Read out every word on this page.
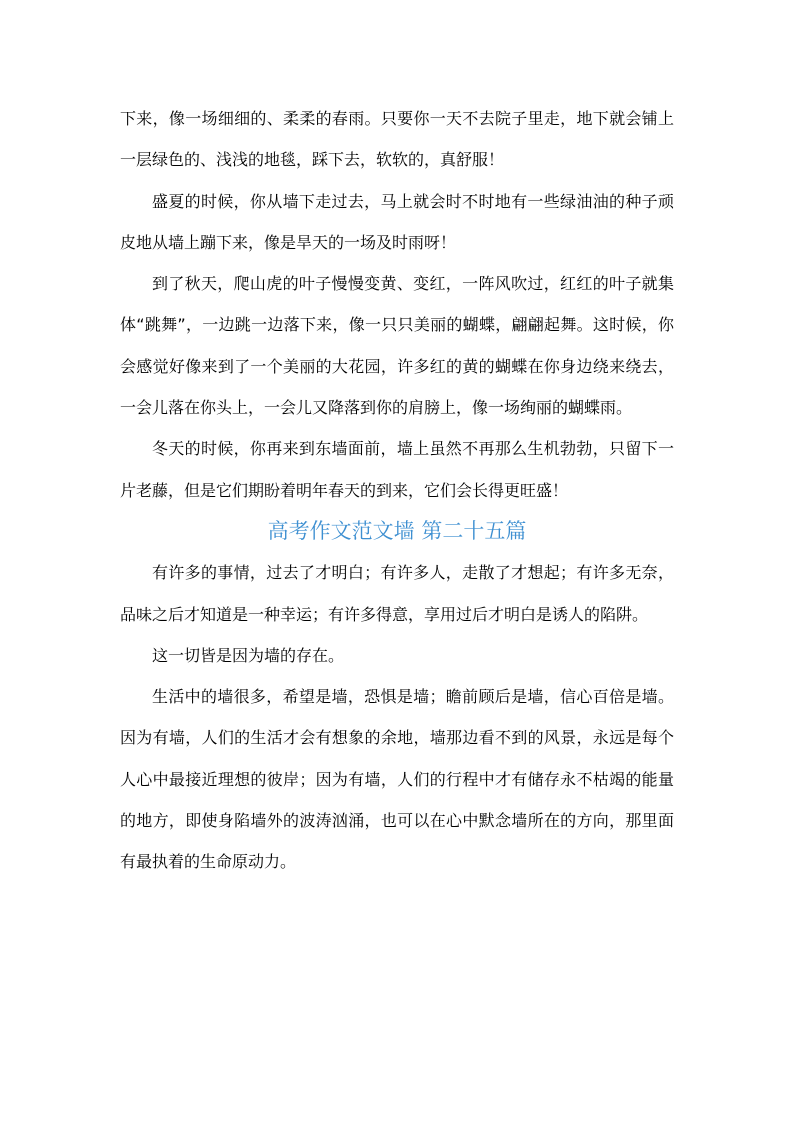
下来，像一场细细的、柔柔的春雨。只要你一天不去院子里走，地下就会铺上一层绿色的、浅浅的地毯，踩下去，软软的，真舒服！

盛夏的时候，你从墙下走过去，马上就会时不时地有一些绿油油的种子顽皮地从墙上蹦下来，像是旱天的一场及时雨呀！

到了秋天，爬山虎的叶子慢慢变黄、变红，一阵风吹过，红红的叶子就集体“跳舞”，一边跳一边落下来，像一只只美丽的蝴蝶，翩翩起舞。这时候，你会感觉好像来到了一个美丽的大花园，许多红的黄的蝴蝶在你身边绕来绕去，一会儿落在你头上，一会儿又降落到你的肩膀上，像一场绚丽的蝴蝶雨。

冬天的时候，你再来到东墙面前，墙上虽然不再那么生机勃勃，只留下一片老藤，但是它们期盼着明年春天的到来，它们会长得更旺盛！

高考作文范文墙 第二十五篇

有许多的事情，过去了才明白；有许多人，走散了才想起；有许多无奈，品味之后才知道是一种幸运；有许多得意，享用过后才明白是诱人的陷阱。

这一切皆是因为墙的存在。

生活中的墙很多，希望是墙，恐惧是墙；瞻前顾后是墙，信心百倍是墙。因为有墙，人们的生活才会有想象的余地，墙那边看不到的风景，永远是每个人心中最接近理想的彼岸；因为有墙，人们的行程中才有储存永不枯竭的能量的地方，即使身陷墙外的波涛汹涌，也可以在心中默念墙所在的方向，那里面有最执着的生命原动力。
